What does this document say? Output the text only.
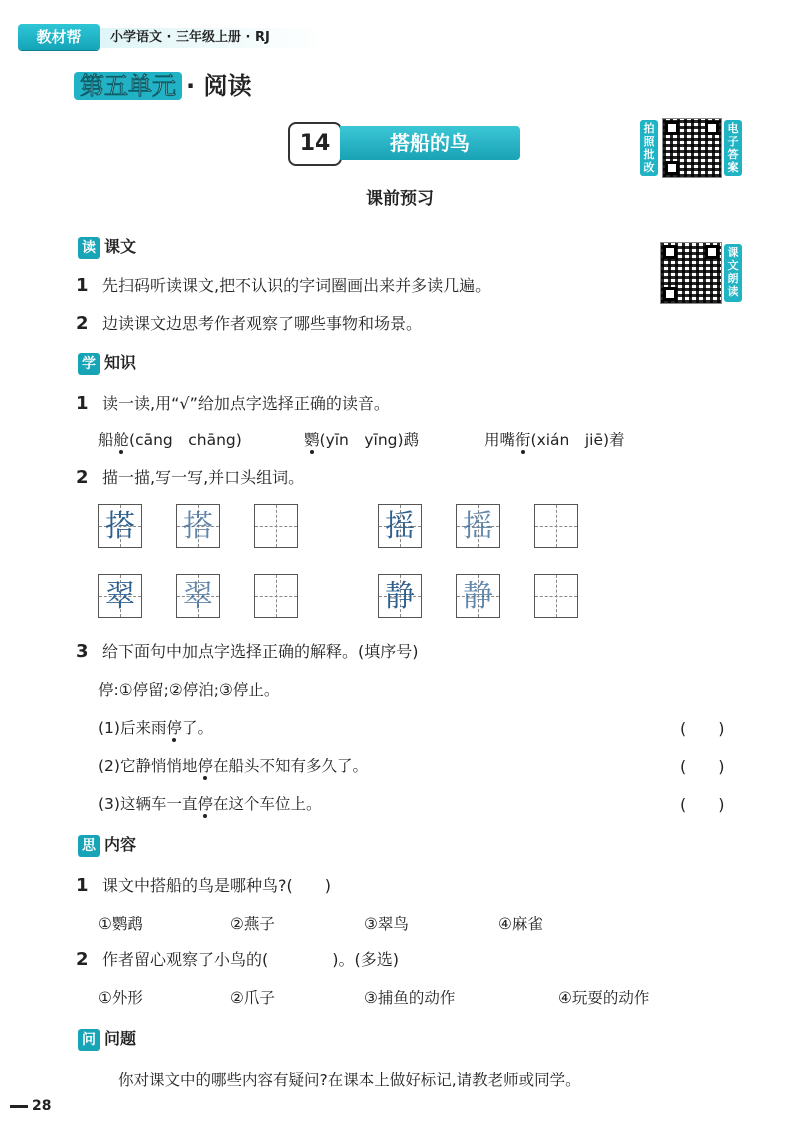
教材帮	小学语文 · 三年级上册 · RJ
第五单元 · 阅读
14	搭船的鸟
课前预习
拍照批改
电子答案
课文朗读
读 课文
1 先扫码听读课文,把不认识的字词圈画出来并多读几遍。
2 边读课文边思考作者观察了哪些事物和场景。
学 知识
1 读一读,用“√”给加点字选择正确的读音。
船舱(cāng　chāng)	鹦(yīn　yīng)鹉	用嘴衔(xián　jiē)着
2 描一描,写一写,并口头组词。
搭 搭	摇 摇
翠 翠	静 静
3 给下面句中加点字选择正确的解释。(填序号)
停:①停留;②停泊;③停止。
(1)后来雨停了。	(　　)
(2)它静悄悄地停在船头不知有多久了。	(　　)
(3)这辆车一直停在这个车位上。	(　　)
思 内容
1 课文中搭船的鸟是哪种鸟?(　　)
①鹦鹉	②燕子	③翠鸟	④麻雀
2 作者留心观察了小鸟的(　　　　)。(多选)
①外形	②爪子	③捕鱼的动作	④玩耍的动作
问 问题
你对课文中的哪些内容有疑问?在课本上做好标记,请教老师或同学。
28
